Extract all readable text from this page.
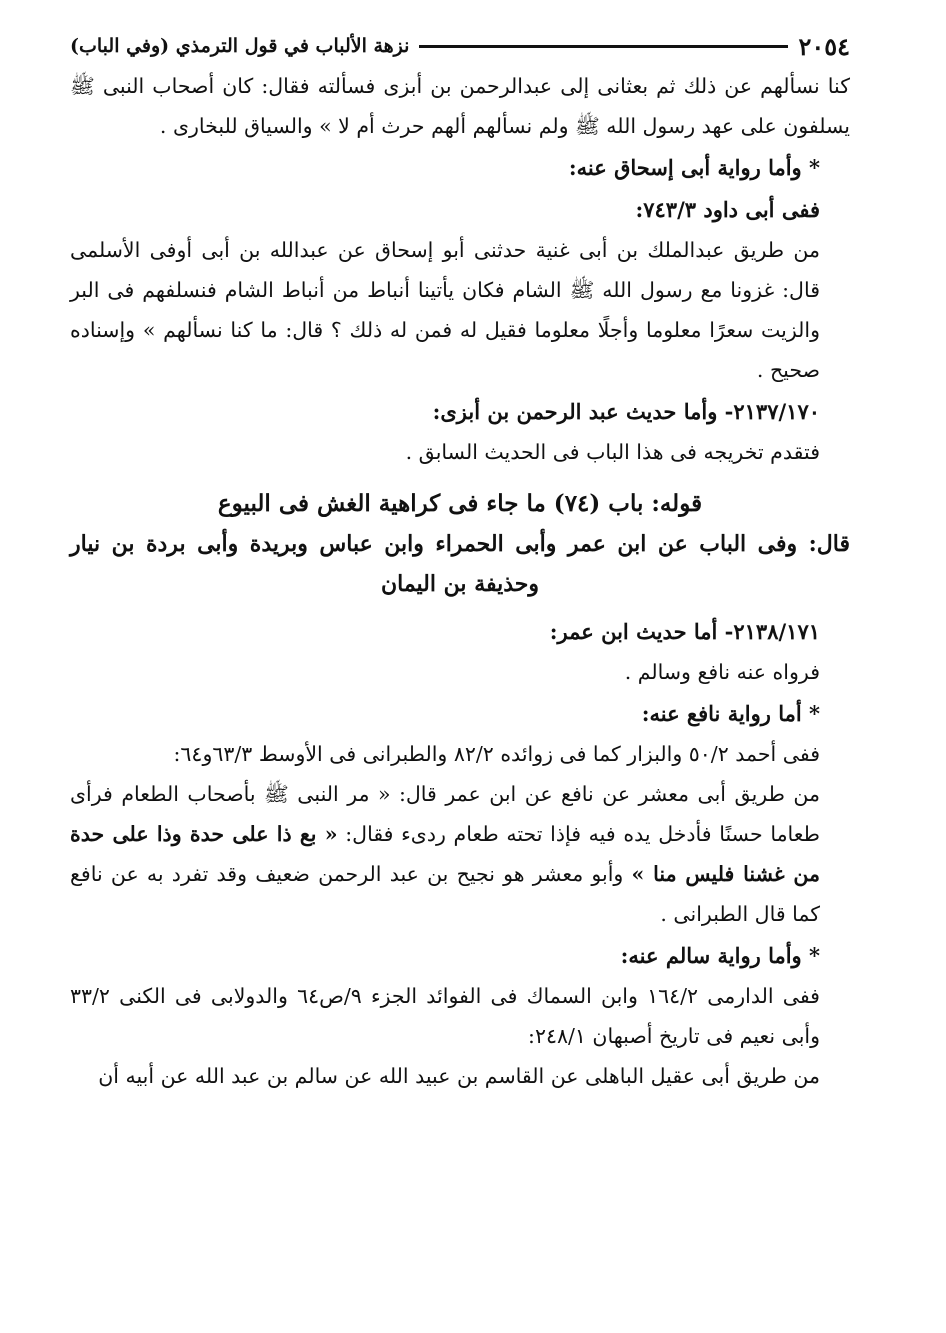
٢٠٥٤
نزهة الألباب في قول الترمذي (وفي الباب)

كنا نسألهم عن ذلك ثم بعثانى إلى عبدالرحمن بن أبزى فسألته فقال: كان أصحاب النبى ﷺ يسلفون على عهد رسول الله ﷺ ولم نسألهم ألهم حرث أم لا » والسياق للبخارى .

* وأما رواية أبى إسحاق عنه:

ففى أبى داود ٧٤٣/٣:

من طريق عبدالملك بن أبى غنية حدثنى أبو إسحاق عن عبدالله بن أبى أوفى الأسلمى قال: غزونا مع رسول الله ﷺ الشام فكان يأتينا أنباط من أنباط الشام فنسلفهم فى البر والزيت سعرًا معلوما وأجلًا معلوما فقيل له فمن له ذلك ؟ قال: ما كنا نسألهم » وإسناده صحيح .

٢١٣٧/١٧٠- وأما حديث عبد الرحمن بن أبزى:

فتقدم تخريجه فى هذا الباب فى الحديث السابق .

قوله: باب (٧٤) ما جاء فى كراهية الغش فى البيوع

قال: وفى الباب عن ابن عمر وأبى الحمراء وابن عباس وبريدة وأبى بردة بن نيار وحذيفة بن اليمان

٢١٣٨/١٧١- أما حديث ابن عمر:

فرواه عنه نافع وسالم .

* أما رواية نافع عنه:

ففى أحمد ٥٠/٢ والبزار كما فى زوائده ٨٢/٢ والطبرانى فى الأوسط ٦٣/٣و٦٤:

من طريق أبى معشر عن نافع عن ابن عمر قال: « مر النبى ﷺ بأصحاب الطعام فرأى طعاما حسنًا فأدخل يده فيه فإذا تحته طعام ردىء فقال: « بع ذا على حدة وذا على حدة من غشنا فليس منا » وأبو معشر هو نجيح بن عبد الرحمن ضعيف وقد تفرد به عن نافع كما قال الطبرانى .

* وأما رواية سالم عنه:

ففى الدارمى ١٦٤/٢ وابن السماك فى الفوائد الجزء ٩/ص٦٤ والدولابى فى الكنى ٣٣/٢ وأبى نعيم فى تاريخ أصبهان ٢٤٨/١:

من طريق أبى عقيل الباهلى عن القاسم بن عبيد الله عن سالم بن عبد الله عن أبيه أن
